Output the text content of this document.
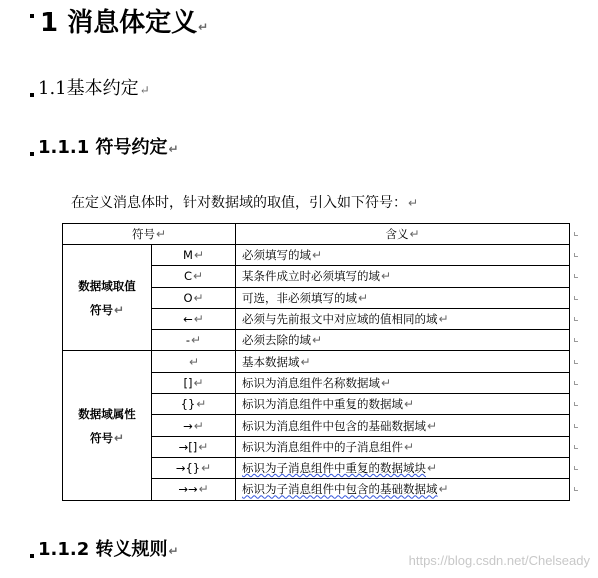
1 消息体定义↵
1.1基本约定↵
1.1.1 符号约定↵
在定义消息体时，针对数据域的取值，引入如下符号：↵
符号↵		含义↵
数据域取值
符号↵	M↵	必须填写的域↵
	C↵	某条件成立时必须填写的域↵
	O↵	可选，非必须填写的域↵
	←↵	必须与先前报文中对应域的值相同的域↵
	-↵	必须去除的域↵
数据域属性
符号↵	↵	基本数据域↵
	[]↵	标识为消息组件名称数据域↵
	{}↵	标识为消息组件中重复的数据域↵
	→↵	标识为消息组件中包含的基础数据域↵
	→[]↵	标识为消息组件中的子消息组件↵
	→{}↵	标识为子消息组件中重复的数据域块↵
	→→↵	标识为子消息组件中包含的基础数据域↵
1.1.2 转义规则↵
https://blog.csdn.net/Chelseady
